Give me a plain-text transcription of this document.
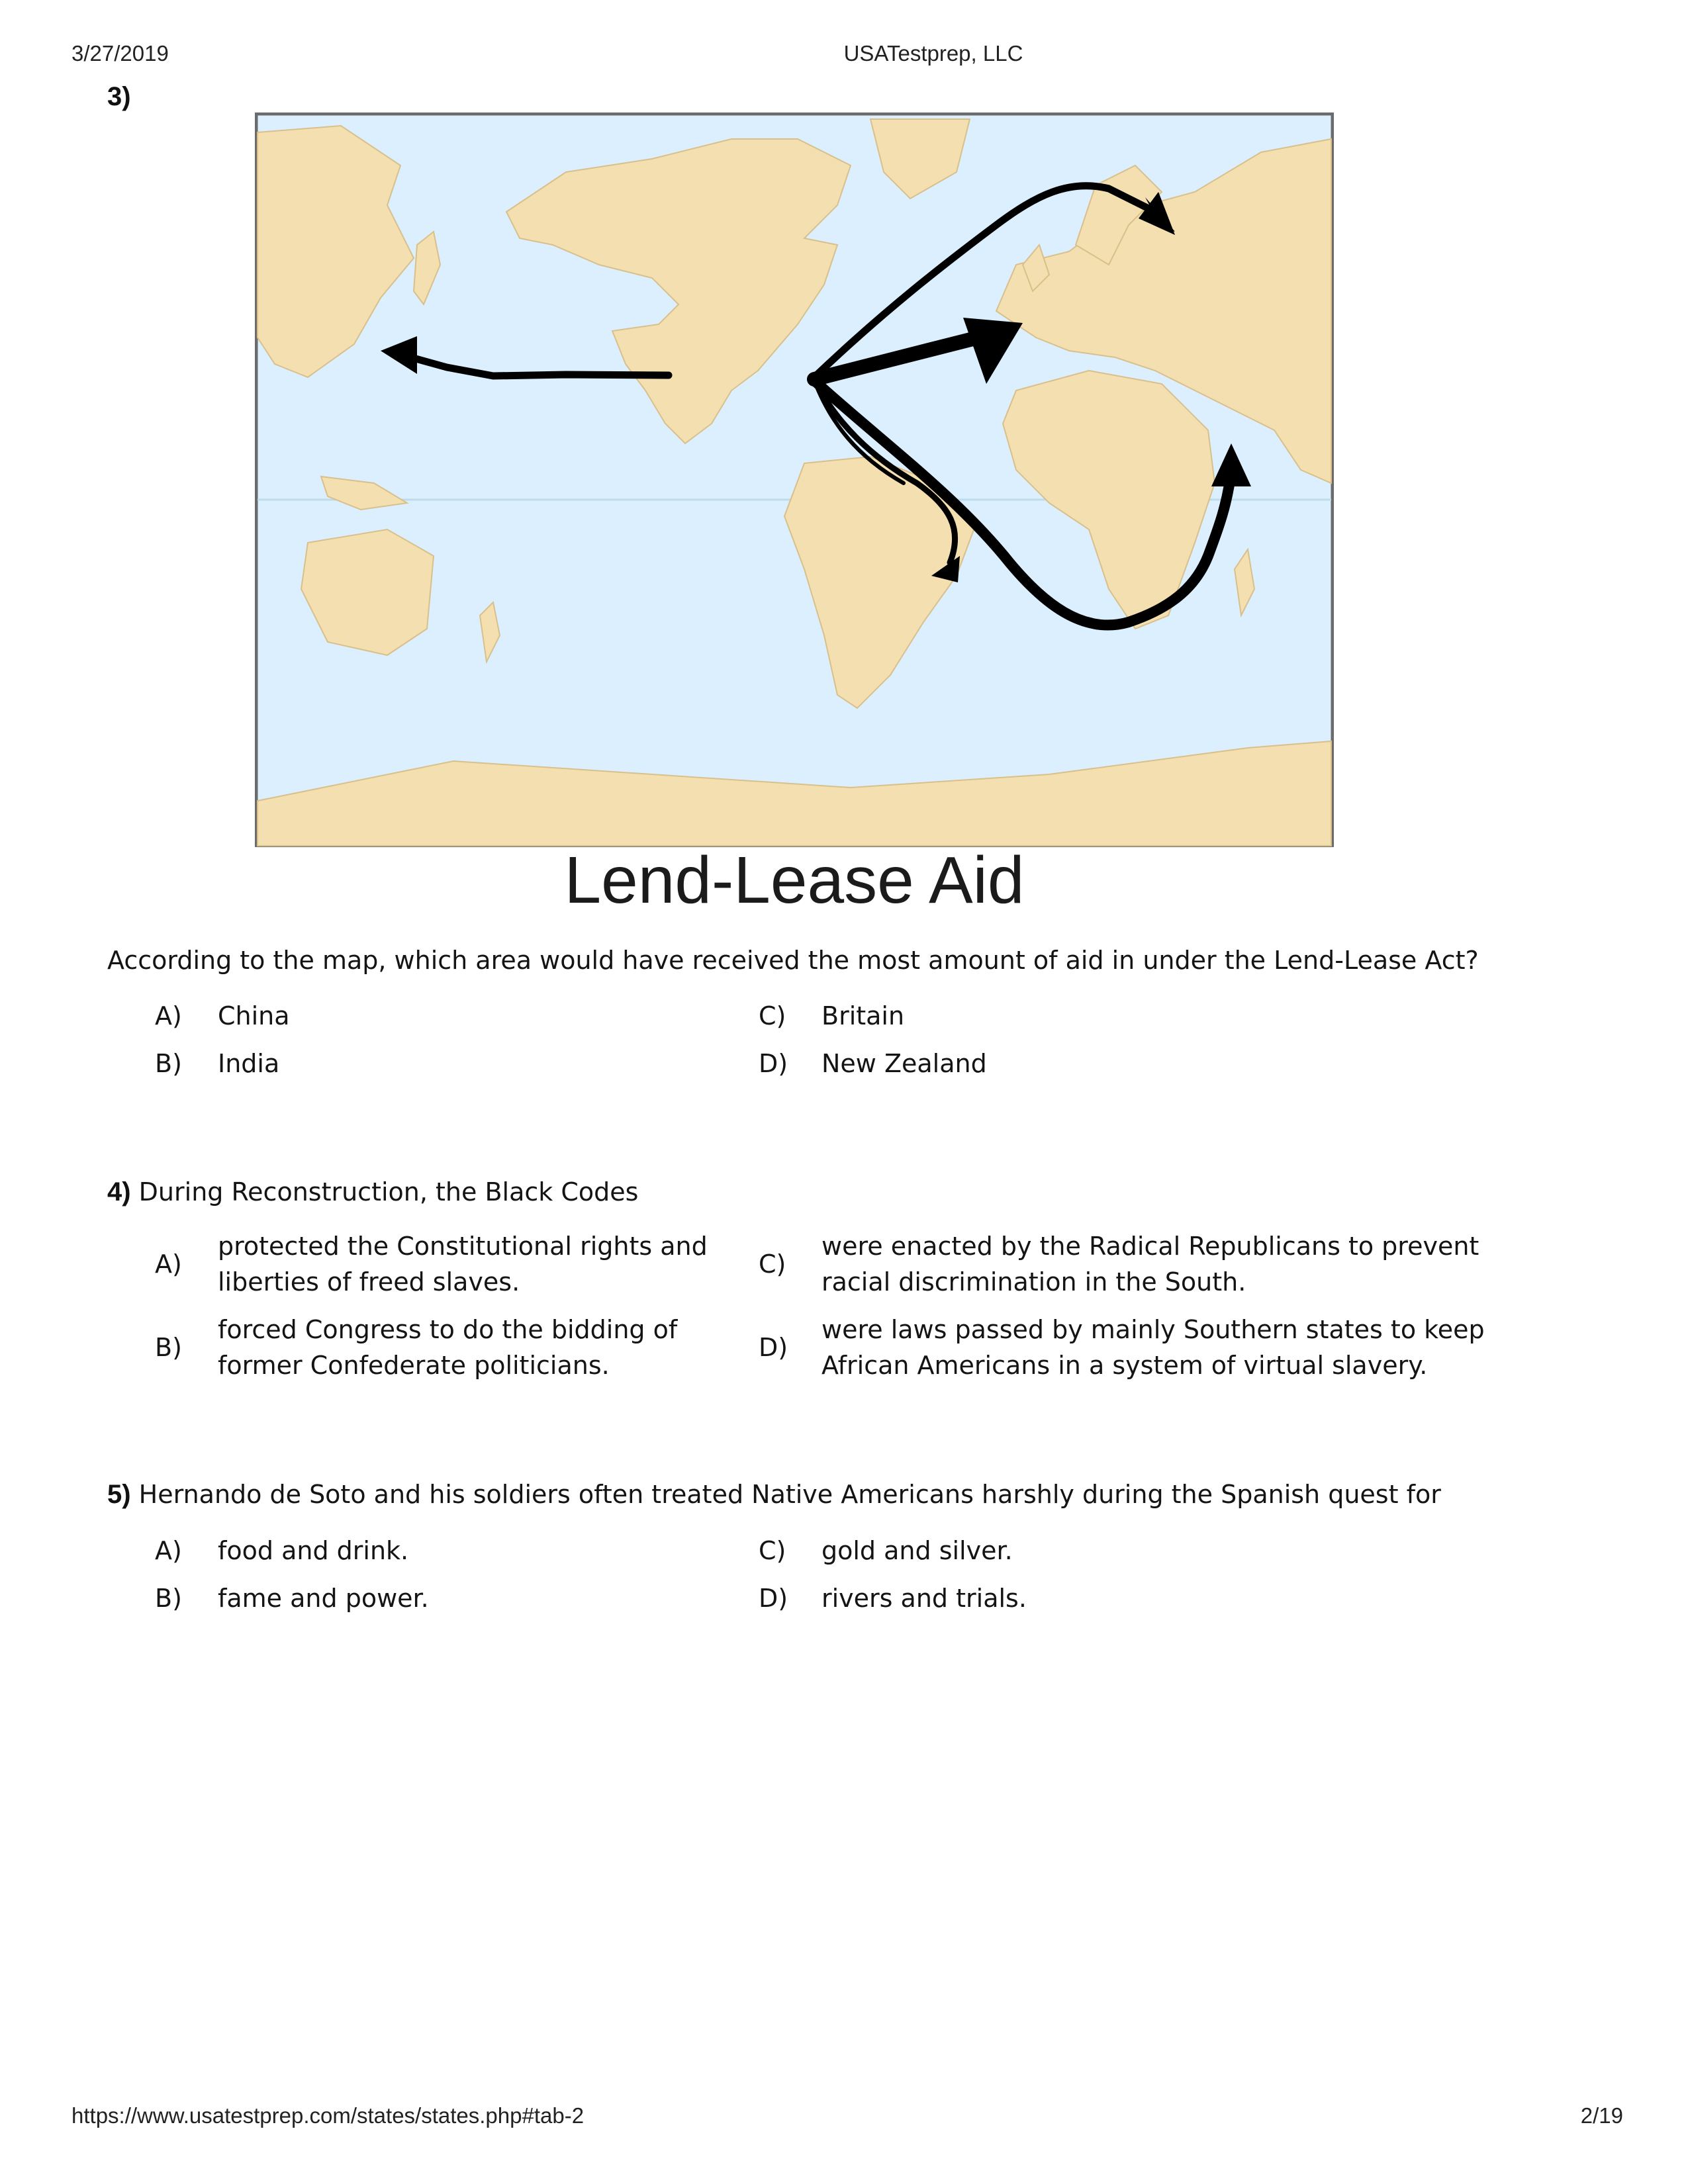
3/27/2019	USATestprep, LLC
3)
Lend-Lease Aid
According to the map, which area would have received the most amount of aid in under the Lend-Lease Act?
A)	China
B)	India
C)	Britain
D)	New Zealand
4) During Reconstruction, the Black Codes
A)
protected the Constitutional rights and liberties of freed slaves.
B)
forced Congress to do the bidding of former Confederate politicians.
C)
were enacted by the Radical Republicans to prevent racial discrimination in the South.
D)
were laws passed by mainly Southern states to keep African Americans in a system of virtual slavery.
5) Hernando de Soto and his soldiers often treated Native Americans harshly during the Spanish quest for
A)	food and drink.
B)	fame and power.
C)	gold and silver.
D)	rivers and trials.
https://www.usatestprep.com/states/states.php#tab-2	2/19
